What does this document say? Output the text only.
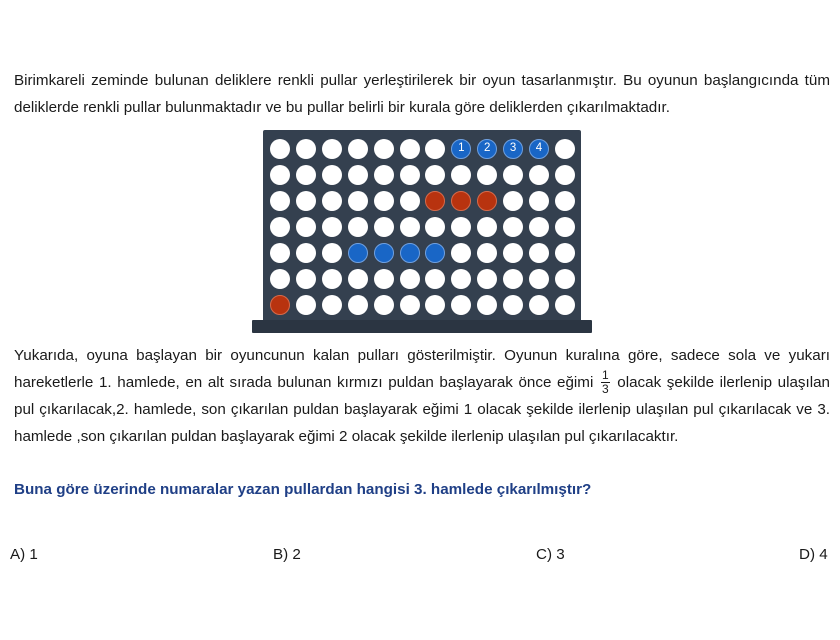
Birimkareli zeminde bulunan deliklere renkli pullar yerleştirilerek bir oyun tasarlanmıştır. Bu oyunun başlangıcında tüm deliklerde renkli pullar bulunmaktadır ve bu pullar belirli bir kurala göre deliklerden çıkarılmaktadır.

1	2	3	4

Yukarıda, oyuna başlayan bir oyuncunun kalan pulları gösterilmiştir. Oyunun kuralına göre, sadece sola ve yukarı hareketlerle 1. hamlede, en alt sırada bulunan kırmızı puldan başlayarak önce eğimi $\frac{1}{3}$ olacak şekilde ilerlenip ulaşılan pul çıkarılacak,2. hamlede, son çıkarılan puldan başlayarak eğimi 1 olacak şekilde ilerlenip ulaşılan pul çıkarılacak ve 3. hamlede ,son çıkarılan puldan başlayarak eğimi 2 olacak şekilde ilerlenip ulaşılan pul çıkarılacaktır.

Buna göre üzerinde numaralar yazan pullardan hangisi 3. hamlede çıkarılmıştır?

A) 1	B) 2	C) 3	D) 4
